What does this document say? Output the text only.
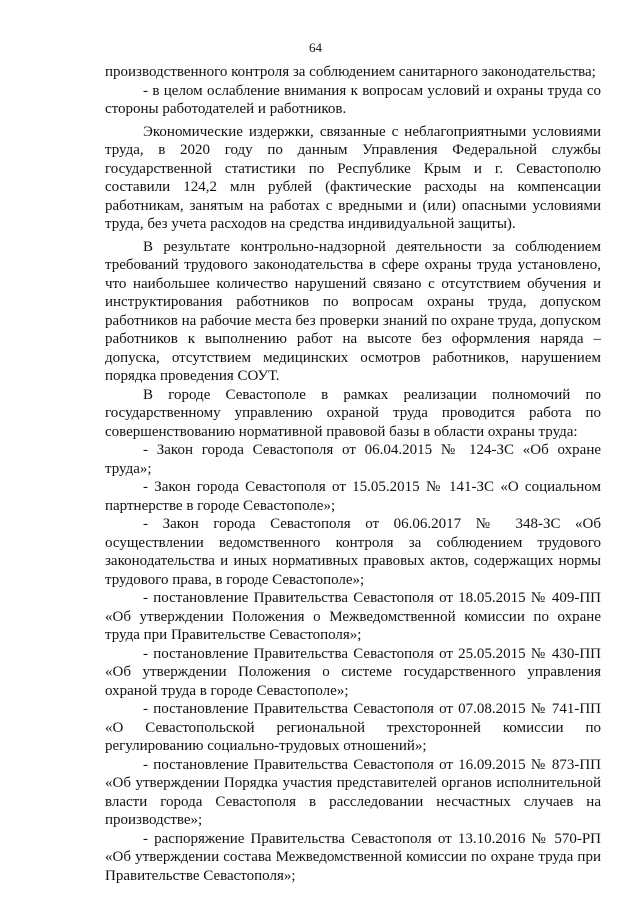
64

производственного контроля за соблюдением санитарного законодательства;

- в целом ослабление внимания к вопросам условий и охраны труда со стороны работодателей и работников.

Экономические издержки, связанные с неблагоприятными условиями труда, в 2020 году по данным Управления Федеральной службы государственной статистики по Республике Крым и г. Севастополю составили 124,2 млн рублей (фактические расходы на компенсации работникам, занятым на работах с вредными и (или) опасными условиями труда, без учета расходов на средства индивидуальной защиты).

В результате контрольно-надзорной деятельности за соблюдением требований трудового законодательства в сфере охраны труда установлено, что наибольшее количество нарушений связано с отсутствием обучения и инструктирования работников по вопросам охраны труда, допуском работников на рабочие места без проверки знаний по охране труда, допуском работников к выполнению работ на высоте без оформления наряда – допуска, отсутствием медицинских осмотров работников, нарушением порядка проведения СОУТ.

В городе Севастополе в рамках реализации полномочий по государственному управлению охраной труда проводится работа по совершенствованию нормативной правовой базы в области охраны труда:

- Закон города Севастополя от 06.04.2015 № 124-ЗС «Об охране труда»;

- Закон города Севастополя от 15.05.2015 № 141-ЗС «О социальном партнерстве в городе Севастополе»;

- Закон города Севастополя от 06.06.2017 № 348-ЗС «Об осуществлении ведомственного контроля за соблюдением трудового законодательства и иных нормативных правовых актов, содержащих нормы трудового права, в городе Севастополе»;

- постановление Правительства Севастополя от 18.05.2015 № 409-ПП «Об утверждении Положения о Межведомственной комиссии по охране труда при Правительстве Севастополя»;

- постановление Правительства Севастополя от 25.05.2015 № 430-ПП «Об утверждении Положения о системе государственного управления охраной труда в городе Севастополе»;

- постановление Правительства Севастополя от 07.08.2015 № 741-ПП «О Севастопольской региональной трехсторонней комиссии по регулированию социально-трудовых отношений»;

- постановление Правительства Севастополя от 16.09.2015 № 873-ПП «Об утверждении Порядка участия представителей органов исполнительной власти города Севастополя в расследовании несчастных случаев на производстве»;

- распоряжение Правительства Севастополя от 13.10.2016 № 570-РП «Об утверждении состава Межведомственной комиссии по охране труда при Правительстве Севастополя»;
